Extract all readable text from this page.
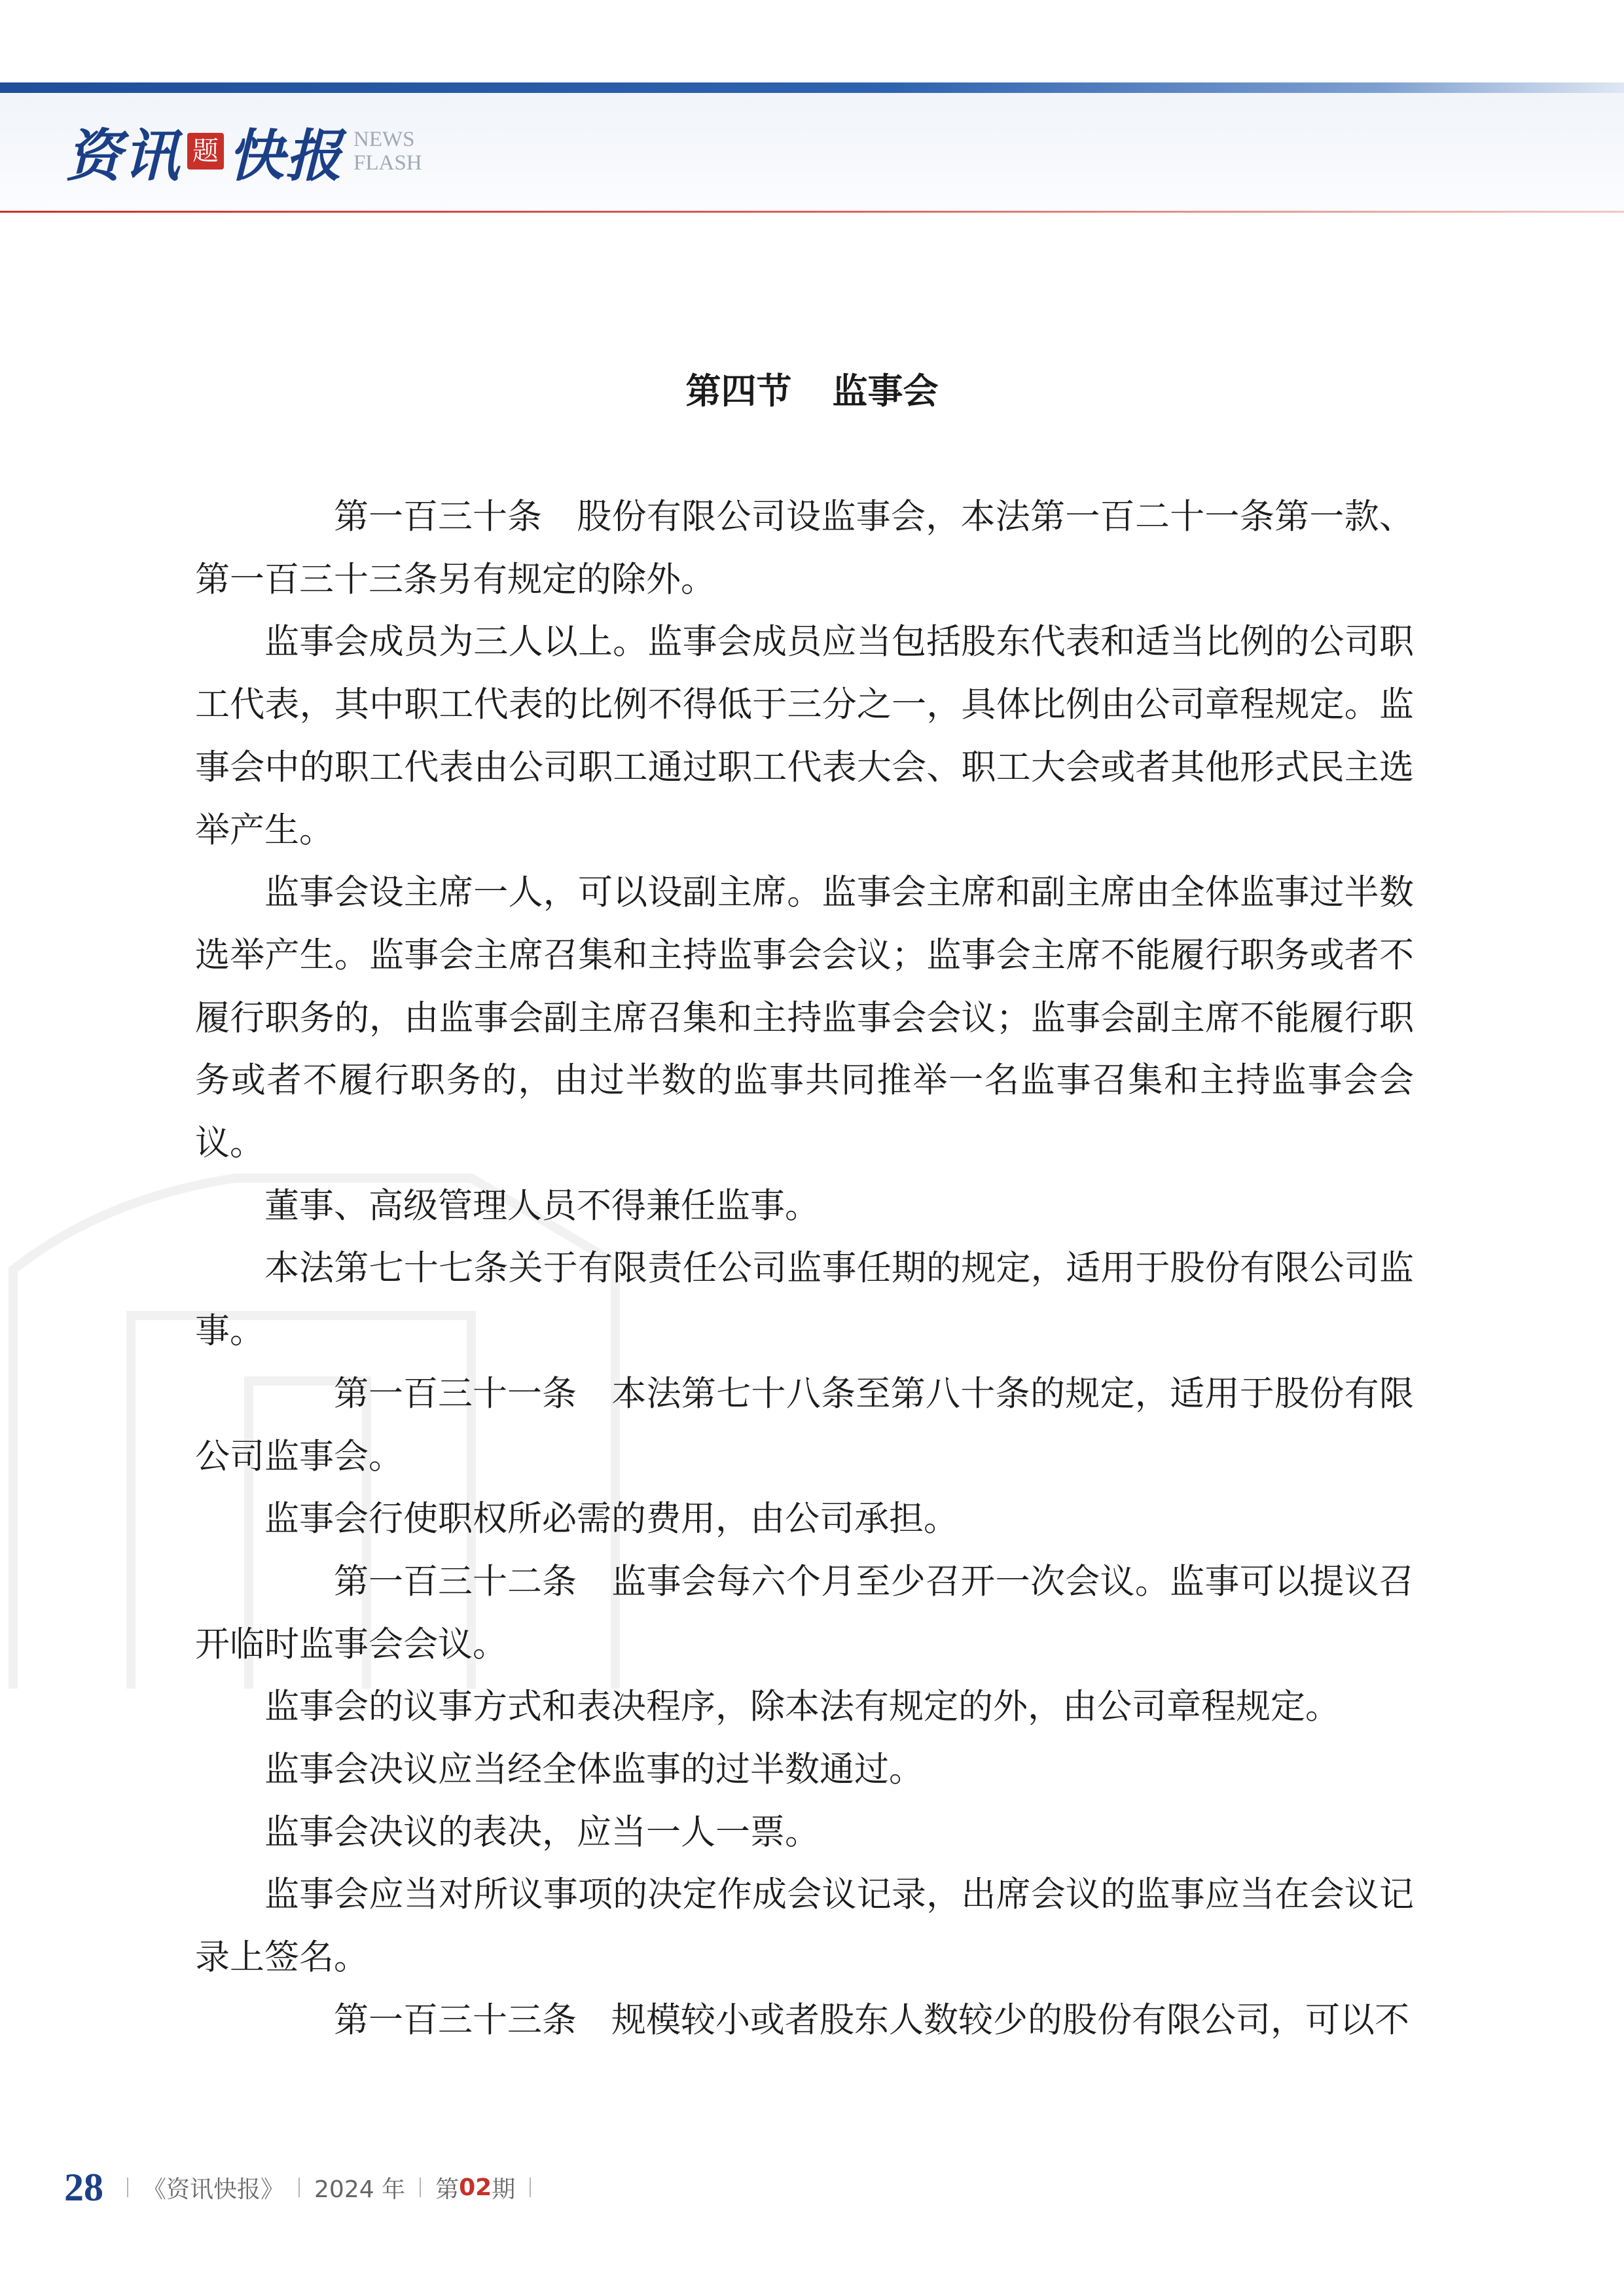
资讯 题 快报 NEWS
FLASH
第四节 监事会

第一百三十条 股份有限公司设监事会，本法第一百二十一条第一款、第一百三十三条另有规定的除外。

监事会成员为三人以上。监事会成员应当包括股东代表和适当比例的公司职工代表，其中职工代表的比例不得低于三分之一，具体比例由公司章程规定。监事会中的职工代表由公司职工通过职工代表大会、职工大会或者其他形式民主选举产生。

监事会设主席一人，可以设副主席。监事会主席和副主席由全体监事过半数选举产生。监事会主席召集和主持监事会会议；监事会主席不能履行职务或者不履行职务的，由监事会副主席召集和主持监事会会议；监事会副主席不能履行职务或者不履行职务的，由过半数的监事共同推举一名监事召集和主持监事会会议。

董事、高级管理人员不得兼任监事。

本法第七十七条关于有限责任公司监事任期的规定，适用于股份有限公司监事。

第一百三十一条 本法第七十八条至第八十条的规定，适用于股份有限公司监事会。

监事会行使职权所必需的费用，由公司承担。

第一百三十二条 监事会每六个月至少召开一次会议。监事可以提议召开临时监事会会议。

监事会的议事方式和表决程序，除本法有规定的外，由公司章程规定。

监事会决议应当经全体监事的过半数通过。

监事会决议的表决，应当一人一票。

监事会应当对所议事项的决定作成会议记录，出席会议的监事应当在会议记录上签名。

第一百三十三条 规模较小或者股东人数较少的股份有限公司，可以不

28 《资讯快报》 2024 年 第 02 期
